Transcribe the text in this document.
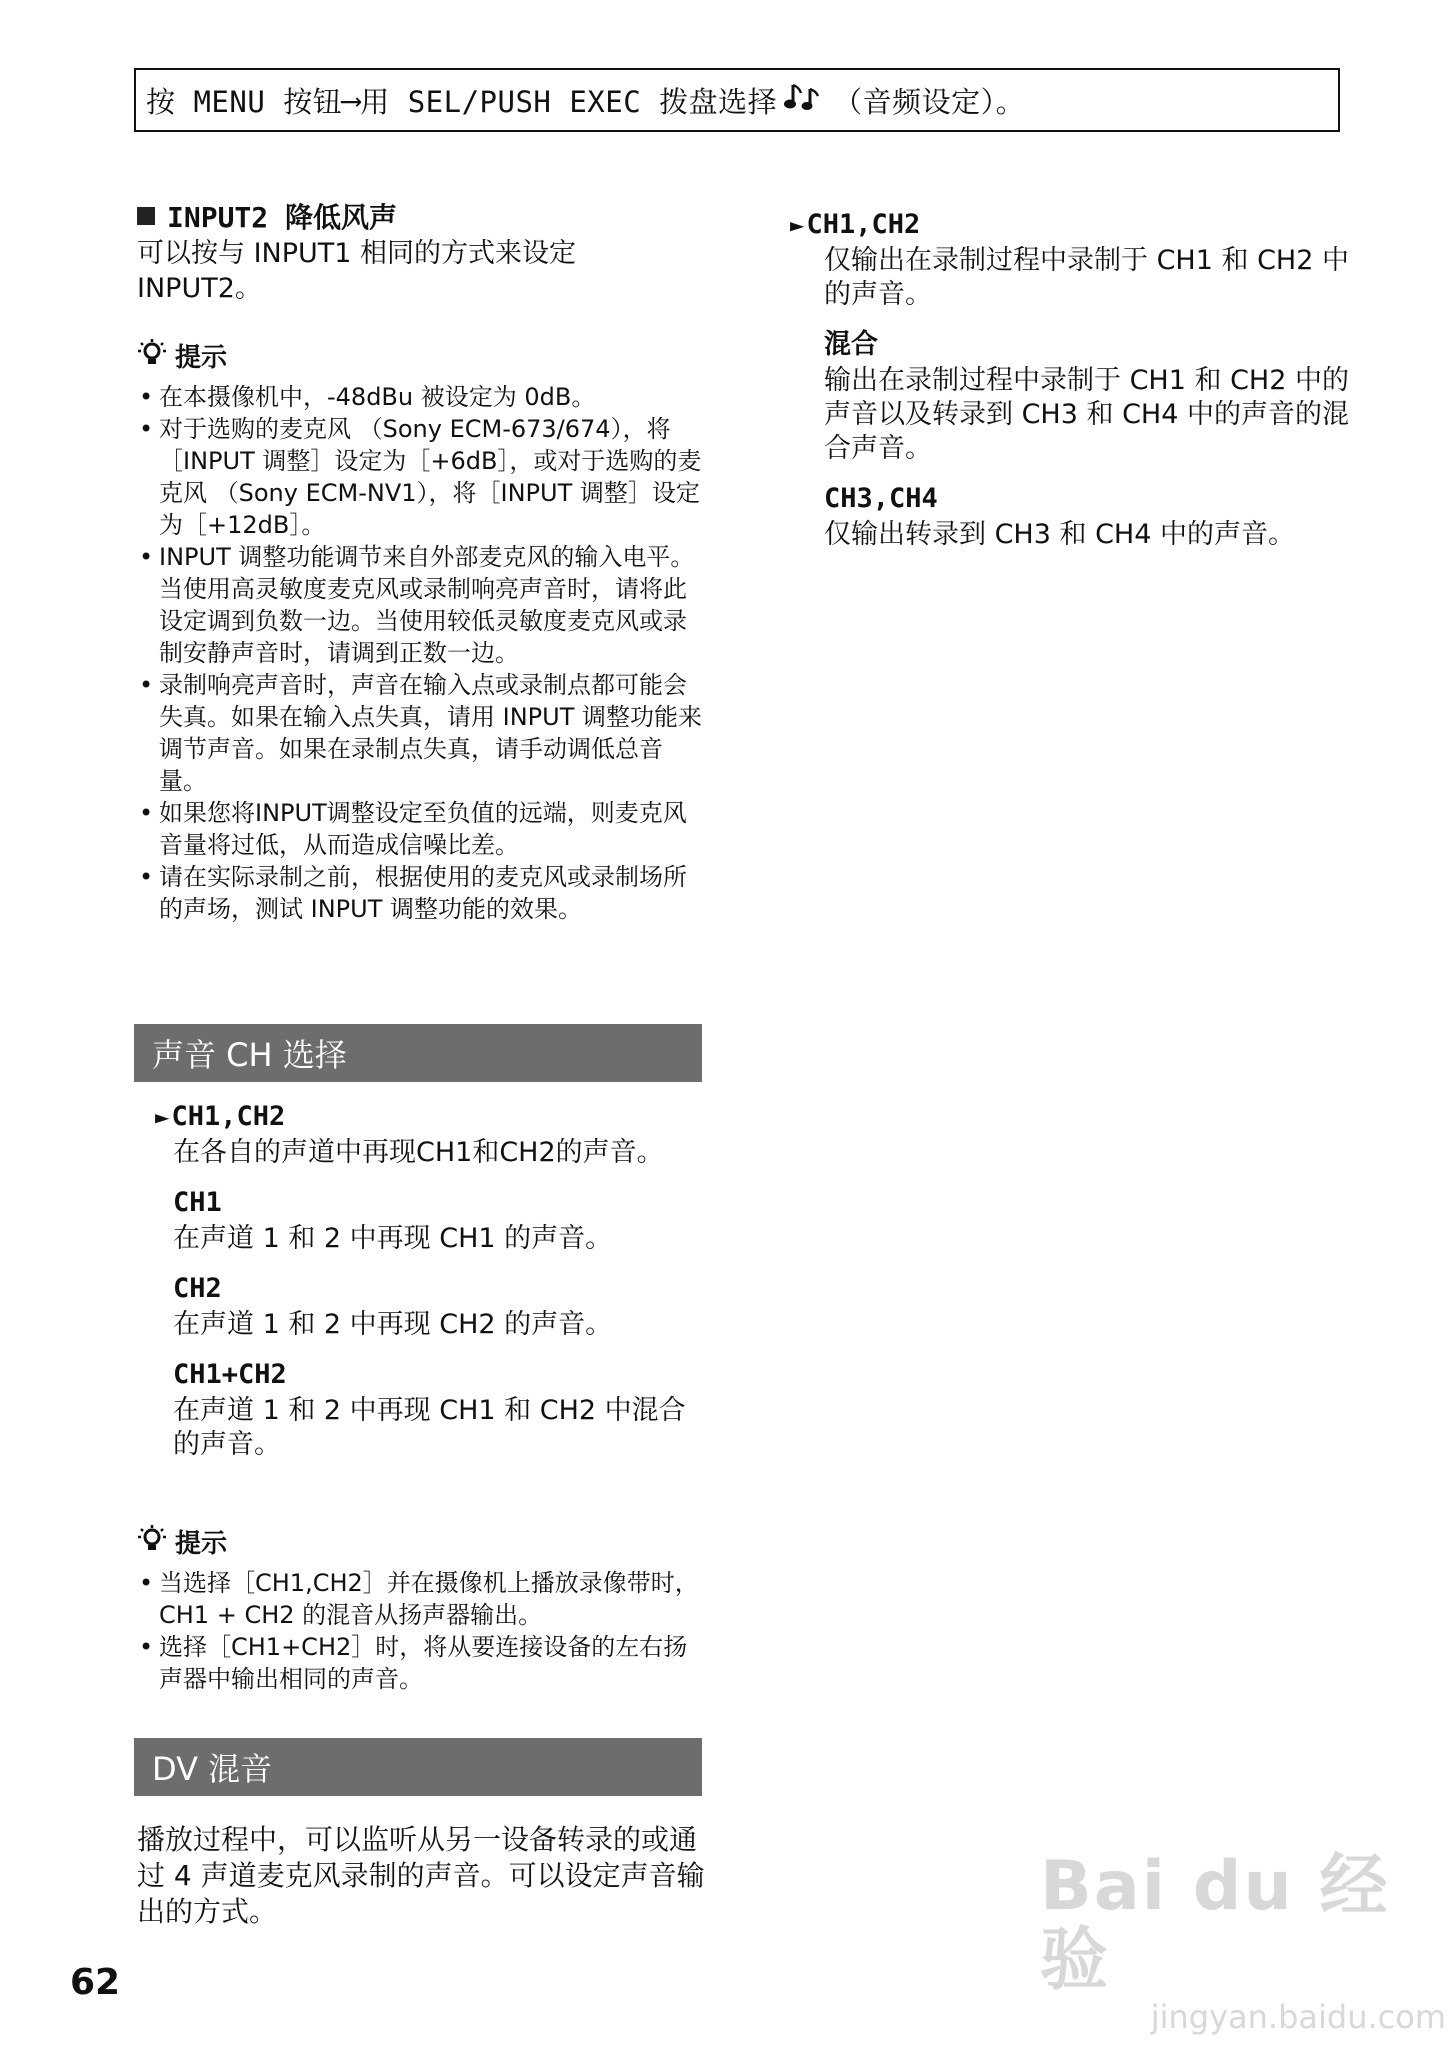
按 MENU 按钮 ⟶ 用 SEL/PUSH EXEC 拨盘选择 （音频设定）。
INPUT2 降低风声
可以按与 INPUT1 相同的方式来设定
INPUT2。
提示
• 在本摄像机中，-48dBu 被设定为 0dB。
• 对于选购的麦克风 （Sony ECM-673/674），将［INPUT 调整］设定为［+6dB］，或对于选购的麦克风 （Sony ECM-NV1），将［INPUT 调整］设定为［+12dB］。
• INPUT 调整功能调节来自外部麦克风的输入电平。当使用高灵敏度麦克风或录制响亮声音时，请将此设定调到负数一边。当使用较低灵敏度麦克风或录制安静声音时，请调到正数一边。
• 录制响亮声音时，声音在输入点或录制点都可能会失真。如果在输入点失真，请用 INPUT 调整功能来调节声音。如果在录制点失真，请手动调低总音量。
• 如果您将INPUT调整设定至负值的远端，则麦克风音量将过低，从而造成信噪比差。
• 请在实际录制之前，根据使用的麦克风或录制场所的声场，测试 INPUT 调整功能的效果。
声音 CH 选择
►CH1,CH2
在各自的声道中再现CH1和CH2的声音。
CH1
在声道 1 和 2 中再现 CH1 的声音。
CH2
在声道 1 和 2 中再现 CH2 的声音。
CH1+CH2
在声道 1 和 2 中再现 CH1 和 CH2 中混合的声音。
提示
• 当选择［CH1,CH2］并在摄像机上播放录像带时，CH1 + CH2 的混音从扬声器输出。
• 选择［CH1+CH2］时，将从要连接设备的左右扬声器中输出相同的声音。
DV 混音
播放过程中，可以监听从另一设备转录的或通过 4 声道麦克风录制的声音。可以设定声音输出的方式。
►CH1,CH2
仅输出在录制过程中录制于 CH1 和 CH2 中的声音。
混合
输出在录制过程中录制于 CH1 和 CH2 中的声音以及转录到 CH3 和 CH4 中的声音的混合声音。
CH3,CH4
仅输出转录到 CH3 和 CH4 中的声音。
62
Bai du 经验
jingyan.baidu.com
